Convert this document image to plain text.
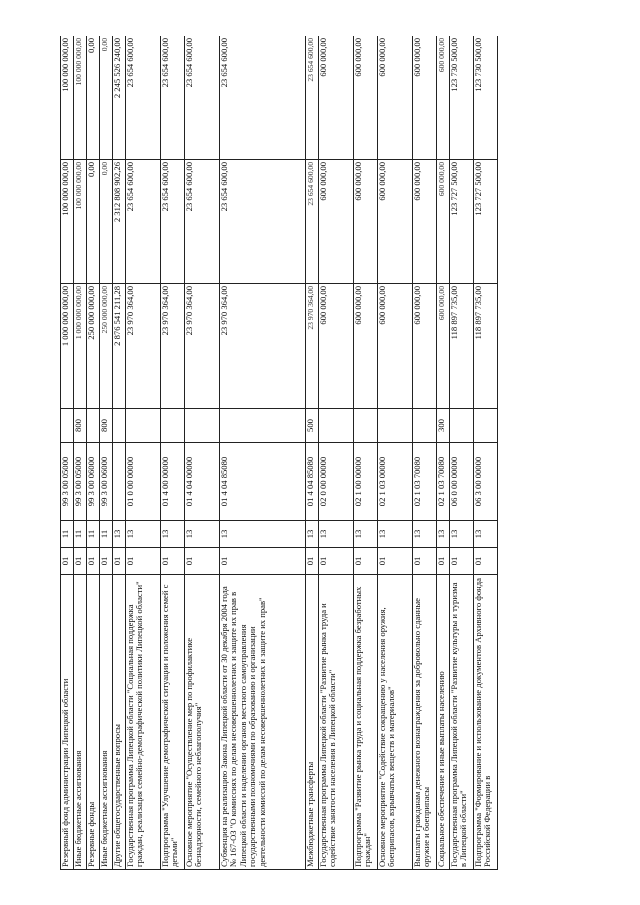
Резервный фонд администрации Липецкой области	01	11	99 3 00 05000		1 000 000 000,00	100 000 000,00	100 000 000,00
Иные бюджетные ассигнования	01	11	99 3 00 05000	800	1 000 000 000,00	100 000 000,00	100 000 000,00
Резервные фонды	01	11	99 3 00 06000		250 000 000,00	0,00	0,00
Иные бюджетные ассигнования	01	11	99 3 00 06000	800	250 000 000,00	0,00	0,00
Другие общегосударственные вопросы	01	13			2 876 541 211,28	2 312 808 902,26	2 245 526 240,00
Государственная программа Липецкой области "Социальная поддержка граждан, реализация семейно-демографической политики Липецкой области"	01	13	01 0 00 00000		23 970 364,00	23 654 600,00	23 654 600,00
Подпрограмма "Улучшение демографической ситуации и положения семей с детьми"	01	13	01 4 00 00000		23 970 364,00	23 654 600,00	23 654 600,00
Основное мероприятие "Осуществление мер по профилактике безнадзорности, семейного неблагополучия"	01	13	01 4 04 00000		23 970 364,00	23 654 600,00	23 654 600,00
Субвенция на реализацию Закона Липецкой области от 30 декабря 2004 года № 167-ОЗ "О комиссиях по делам несовершеннолетних и защите их прав в Липецкой области и наделении органов местного самоуправления государственными полномочиями по образованию и организации деятельности комиссий по делам несовершеннолетних и защите их прав"	01	13	01 4 04 85080		23 970 364,00	23 654 600,00	23 654 600,00
Межбюджетные трансферты	01	13	01 4 04 85080	500	23 970 364,00	23 654 600,00	23 654 600,00
Государственная программа Липецкой области "Развитие рынка труда и содействие занятости населения в Липецкой области"	01	13	02 0 00 00000		600 000,00	600 000,00	600 000,00
Подпрограмма "Развитие рынка труда и социальная поддержка безработных граждан"	01	13	02 1 00 00000		600 000,00	600 000,00	600 000,00
Основное мероприятие "Содействие сокращению у населения оружия, боеприпасов, взрывчатых веществ и материалов"	01	13	02 1 03 00000		600 000,00	600 000,00	600 000,00
Выплаты гражданам денежного вознаграждения за добровольно сданные оружие и боеприпасы	01	13	02 1 03 70080		600 000,00	600 000,00	600 000,00
Социальное обеспечение и иные выплаты населению	01	13	02 1 03 70080	300	600 000,00	600 000,00	600 000,00
Государственная программа Липецкой области "Развитие культуры и туризма в Липецкой области"	01	13	06 0 00 00000		118 897 735,00	123 727 500,00	123 730 500,00
Подпрограмма "Формирование и использование документов Архивного фонда Российской Федерации в	01	13	06 3 00 00000		118 897 735,00	123 727 500,00	123 730 500,00
